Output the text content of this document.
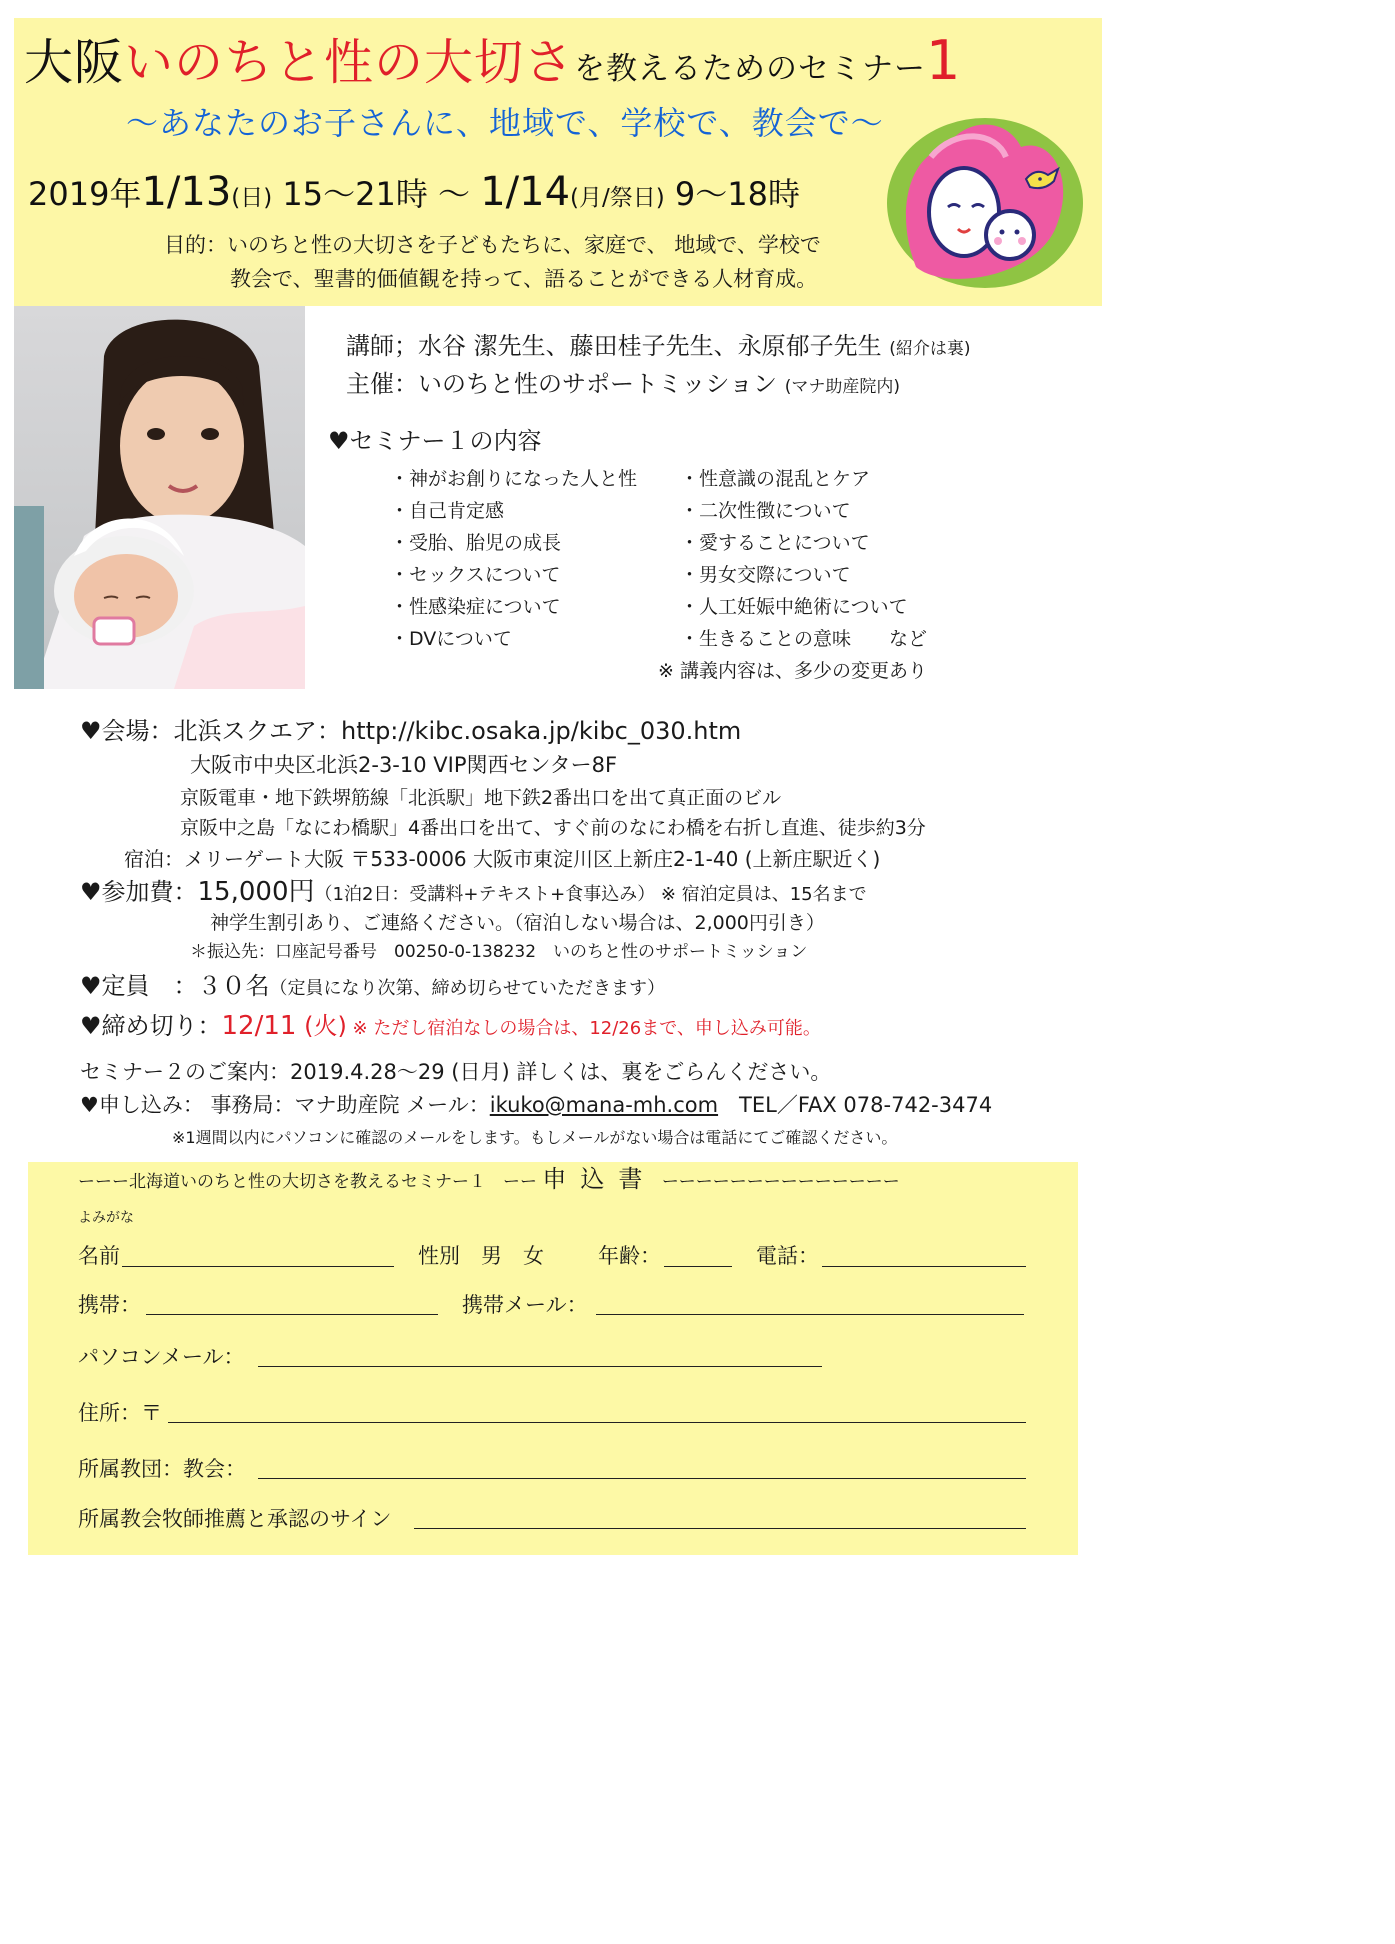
大阪いのちと性の大切さを教えるためのセミナー1
～あなたのお子さんに、地域で、学校で、教会で～
2019年1/13(日) 15～21時 ～ 1/14(月/祭日) 9～18時
目的：いのちと性の大切さを子どもたちに、家庭で、 地域で、学校で
教会で、聖書的価値観を持って、語ることができる人材育成。
講師；水谷 潔先生、藤田桂子先生、永原郁子先生 (紹介は裏)
主催：いのちと性のサポートミッション (マナ助産院内)
♥セミナー１の内容
・神がお創りになった人と性
・自己肯定感
・受胎、胎児の成長
・セックスについて
・性感染症について
・DVについて
・性意識の混乱とケア
・二次性徴について
・愛することについて
・男女交際について
・人工妊娠中絶術について
・生きることの意味　　など
※ 講義内容は、多少の変更あり
♥会場：北浜スクエア：http://kibc.osaka.jp/kibc_030.htm
大阪市中央区北浜2-3-10 VIP関西センター8F
京阪電車・地下鉄堺筋線「北浜駅」地下鉄2番出口を出て真正面のビル
京阪中之島「なにわ橋駅」4番出口を出て、すぐ前のなにわ橋を右折し直進、徒歩約3分
宿泊：メリーゲート大阪 〒533-0006 大阪市東淀川区上新庄2-1-40 (上新庄駅近く)
♥参加費：15,000円（1泊2日：受講料+テキスト+食事込み） ※ 宿泊定員は、15名まで
神学生割引あり、ご連絡ください。（宿泊しない場合は、2,000円引き）
＊振込先：口座記号番号　00250-0-138232　いのちと性のサポートミッション
♥定員　：３０名（定員になり次第、締め切らせていただきます）
♥締め切り：12/11 (火) ※ ただし宿泊なしの場合は、12/26まで、申し込み可能。
セミナー２のご案内：2019.4.28～29 (日月) 詳しくは、裏をごらんください。
♥申し込み： 事務局：マナ助産院 メール：ikuko@mana-mh.com　TEL／FAX 078-742-3474
※1週間以内にパソコンに確認のメールをします。もしメールがない場合は電話にてご確認ください。
ーーー北海道いのちと性の大切さを教えるセミナー１　ーー 申込書 ーーーーーーーーーーーーーー
よみがな
名前	性別　男　女	年齢：	電話：
携帯：	携帯メール：
パソコンメール：
住所：〒
所属教団：教会：
所属教会牧師推薦と承認のサイン
